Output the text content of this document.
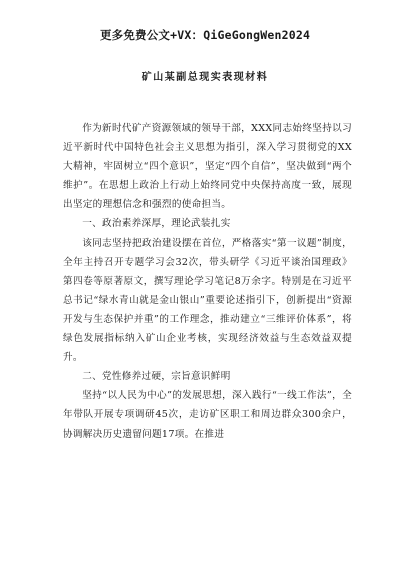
更多免费公文+VX：QiGeGongWen2024
矿山某副总现实表现材料

作为新时代矿产资源领域的领导干部，XXX同志始终坚持以习近平新时代中国特色社会主义思想为指引，深入学习贯彻党的XX大精神，牢固树立“四个意识”，坚定“四个自信”，坚决做到“两个维护”。在思想上政治上行动上始终同党中央保持高度一致，展现出坚定的理想信念和强烈的使命担当。

一、政治素养深厚，理论武装扎实

该同志坚持把政治建设摆在首位，严格落实“第一议题”制度，全年主持召开专题学习会32次，带头研学《习近平谈治国理政》第四卷等原著原文，撰写理论学习笔记8万余字。特别是在习近平总书记“绿水青山就是金山银山”重要论述指引下，创新提出“资源开发与生态保护并重”的工作理念，推动建立“三维评价体系”，将绿色发展指标纳入矿山企业考核，实现经济效益与生态效益双提升。

二、党性修养过硬，宗旨意识鲜明

坚持“以人民为中心”的发展思想，深入践行“一线工作法”，全年带队开展专项调研45次，走访矿区职工和周边群众300余户，协调解决历史遗留问题17项。在推进
